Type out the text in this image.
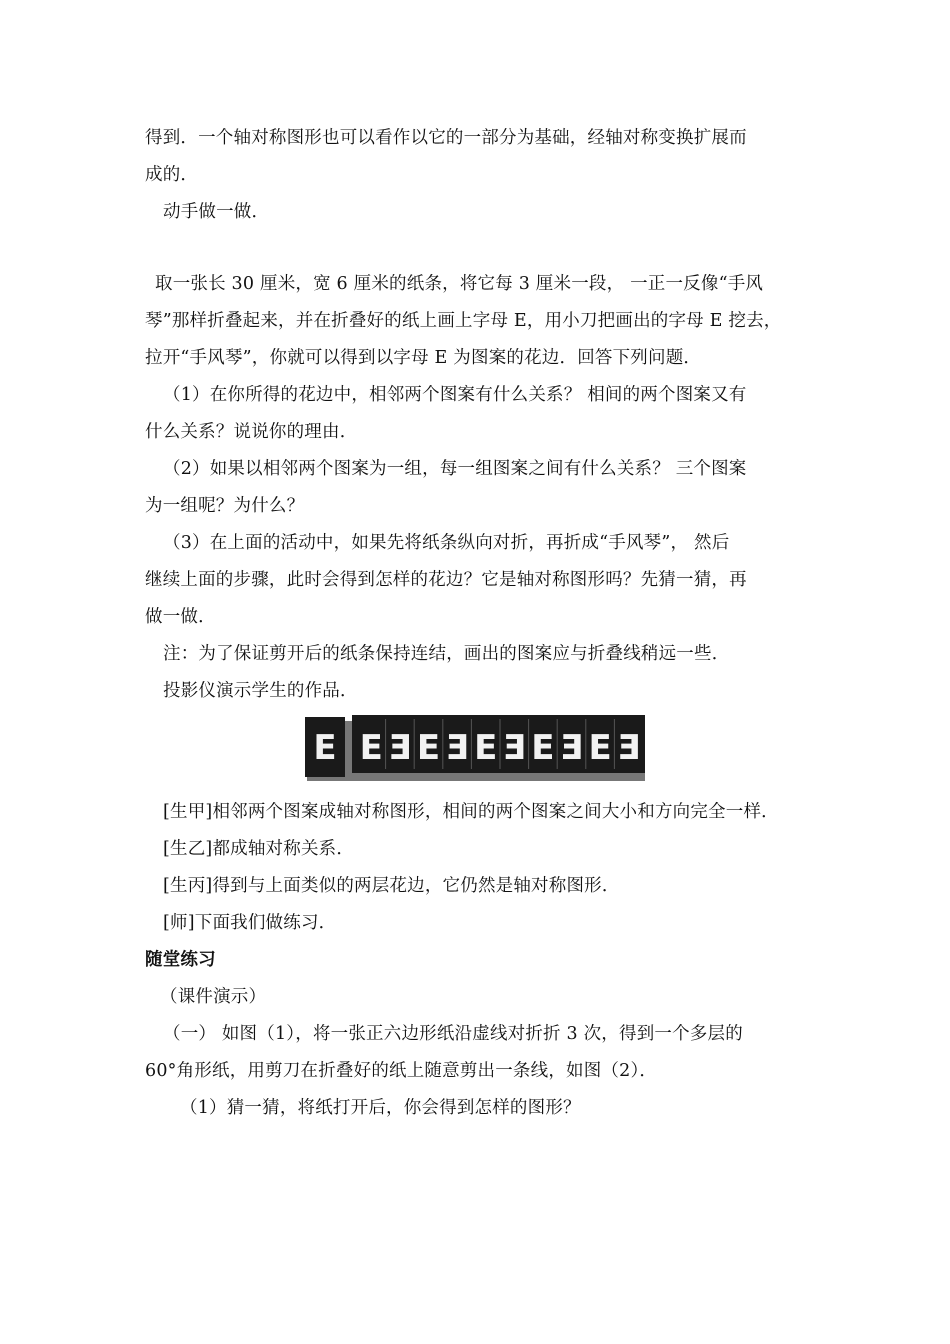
得到．一个轴对称图形也可以看作以它的一部分为基础，经轴对称变换扩展而
成的．
动手做一做．
取一张长 30 厘米，宽 6 厘米的纸条，将它每 3 厘米一段， 一正一反像“手风
琴”那样折叠起来，并在折叠好的纸上画上字母 E，用小刀把画出的字母 E 挖去，
拉开“手风琴”，你就可以得到以字母 E 为图案的花边．回答下列问题．
（1）在你所得的花边中，相邻两个图案有什么关系？ 相间的两个图案又有
什么关系？说说你的理由．
（2）如果以相邻两个图案为一组，每一组图案之间有什么关系？ 三个图案
为一组呢？为什么？
（3）在上面的活动中，如果先将纸条纵向对折，再折成“手风琴”， 然后
继续上面的步骤，此时会得到怎样的花边？它是轴对称图形吗？先猜一猜，再
做一做．
注：为了保证剪开后的纸条保持连结，画出的图案应与折叠线稍远一些．
投影仪演示学生的作品．
E E Ǝ E Ǝ E Ǝ E Ǝ E Ǝ
[生甲]相邻两个图案成轴对称图形，相间的两个图案之间大小和方向完全一样．
[生乙]都成轴对称关系．
[生丙]得到与上面类似的两层花边，它仍然是轴对称图形．
[师]下面我们做练习．
随堂练习
（课件演示）
（一） 如图（1），将一张正六边形纸沿虚线对折折 3 次，得到一个多层的
60°角形纸，用剪刀在折叠好的纸上随意剪出一条线，如图（2）．
（1）猜一猜，将纸打开后，你会得到怎样的图形？
